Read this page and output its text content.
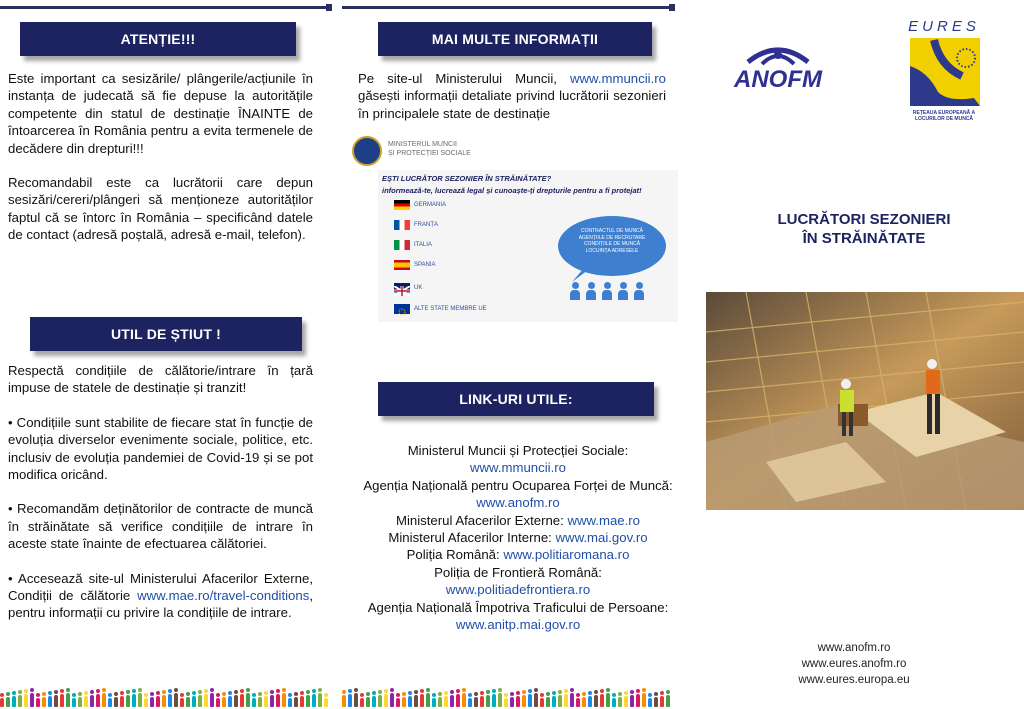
ATENȚIE!!!

Este important ca sesizările/ plângerile/acțiunile în instanța de judecată să fie depuse la autoritățile competente din statul de destinație ÎNAINTE de întoarcerea în România pentru a evita termenele de decădere din drepturi!!!

Recomandabil este ca lucrătorii care depun sesizări/cereri/plângeri să menționeze autorităților faptul că se întorc în România – specificând datele de contact (adresă poștală, adresă e-mail, telefon).

UTIL DE ȘTIUT !

Respectă condițiile de călătorie/intrare în țară impuse de statele de destinație și tranzit!

• Condițiile sunt stabilite de fiecare stat în funcție de evoluția diverselor evenimente sociale, politice, etc. inclusiv de evoluția pandemiei de Covid-19 și se pot modifica oricând.

• Recomandăm deținătorilor de contracte de muncă în străinătate să verifice condițiile de intrare în aceste state înainte de efectuarea călătoriei.

• Accesează site-ul Ministerului Afacerilor Externe, Condiții de călătorie www.mae.ro/travel-conditions, pentru informații cu privire la condițiile de intrare.

MAI MULTE INFORMAȚII

Pe site-ul Ministerului Muncii, www.mmuncii.ro găsești informații detaliate privind lucrătorii sezonieri în principalele state de destinație

MINISTERUL MUNCII
ȘI PROTECȚIEI SOCIALE
EȘTI LUCRĂTOR SEZONIER ÎN STRĂINĂTATE?
informează-te, lucrează legal și cunoaște-ți drepturile pentru a fi protejat!
GERMANIA
FRANȚA
ITALIA
SPANIA
UK
ALTE STATE MEMBRE UE
CONTRACTUL DE MUNCĂ AGENȚIILE DE RECRUTARE CONDIȚIILE DE MUNCĂ LOCUINȚA ADRESELE
LINK-URI UTILE:
Ministerul Muncii și Protecției Sociale:
www.mmuncii.ro
Agenția Națională pentru Ocuparea Forței de Muncă: www.anofm.ro
Ministerul Afacerilor Externe: www.mae.ro
Ministerul Afacerilor Interne: www.mai.gov.ro
Poliția Română: www.politiaromana.ro
Poliția de Frontieră Română:
www.politiadefrontiera.ro
Agenția Națională Împotriva Traficului de Persoane: www.anitp.mai.gov.ro
ANOFM
EURES
REȚEAUA EUROPEANĂ A LOCURILOR DE MUNCĂ
LUCRĂTORI SEZONIERI
ÎN STRĂINĂTATE
www.anofm.ro
www.eures.anofm.ro
www.eures.europa.eu
